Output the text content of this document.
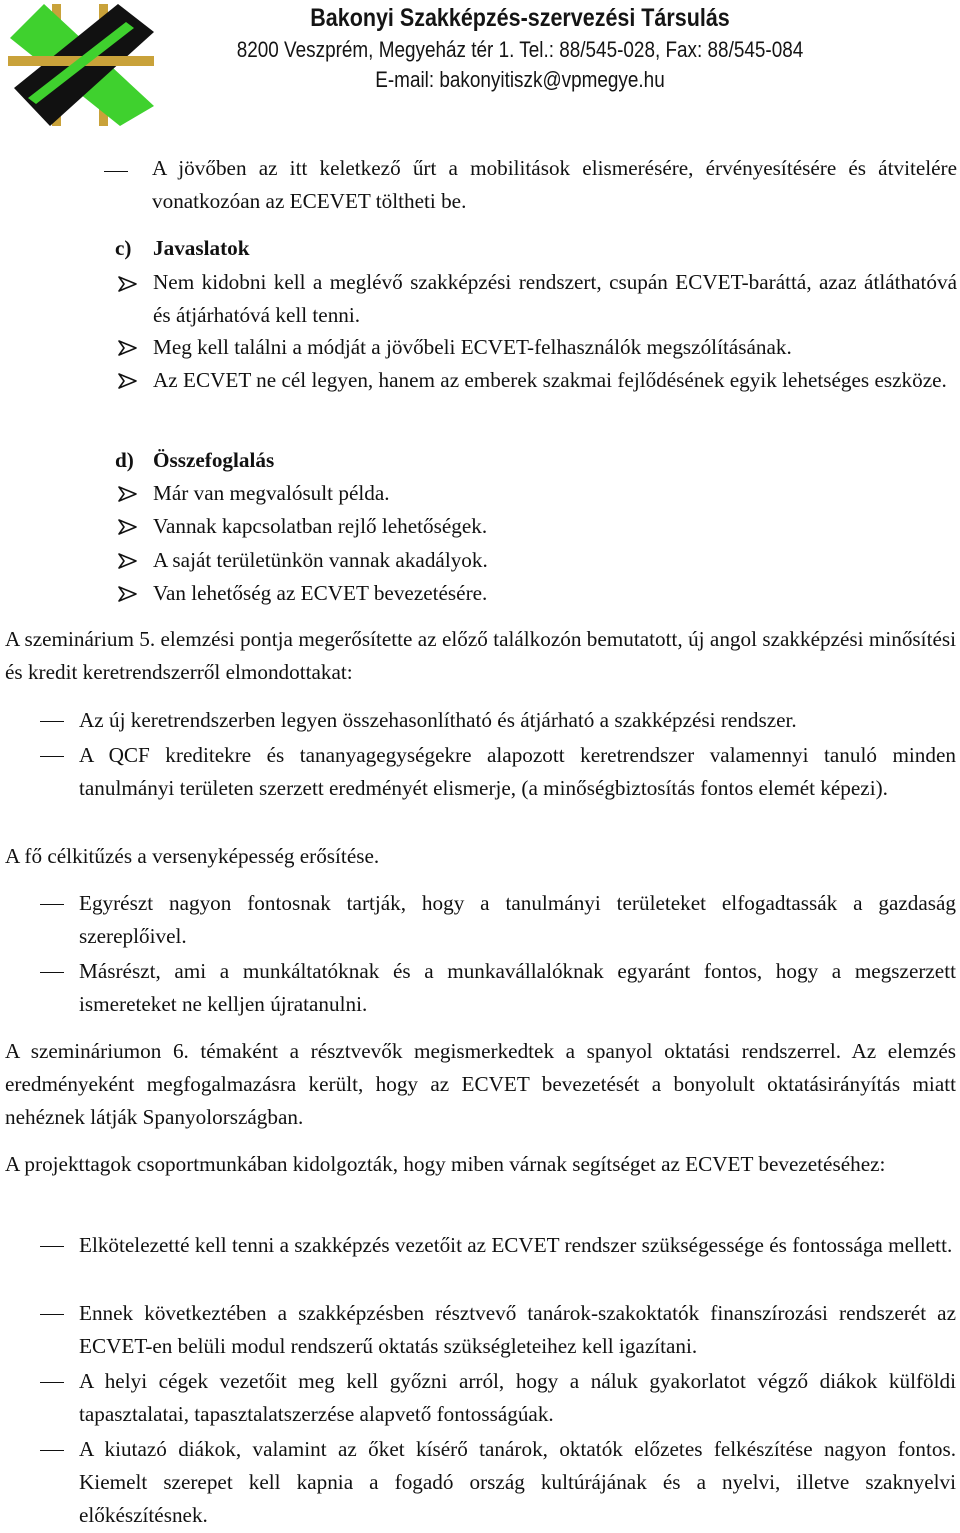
Bakonyi Szakképzés-szervezési Társulás
8200 Veszprém, Megyeház tér 1. Tel.: 88/545-028, Fax: 88/545-084
E-mail: bakonyitiszk@vpmegye.hu
A jövőben az itt keletkező űrt a mobilitások elismerésére, érvényesítésére és átvitelére vonatkozóan az ECEVET töltheti be.
c) Javaslatok
Nem kidobni kell a meglévő szakképzési rendszert, csupán ECVET-baráttá, azaz átláthatóvá és átjárhatóvá kell tenni.
Meg kell találni a módját a jövőbeli ECVET-felhasználók megszólításának.
Az ECVET ne cél legyen, hanem az emberek szakmai fejlődésének egyik lehetséges eszköze.
d) Összefoglalás
Már van megvalósult példa.
Vannak kapcsolatban rejlő lehetőségek.
A saját területünkön vannak akadályok.
Van lehetőség az ECVET bevezetésére.
A szeminárium 5. elemzési pontja megerősítette az előző találkozón bemutatott, új angol szakképzési minősítési és kredit keretrendszerről elmondottakat:
Az új keretrendszerben legyen összehasonlítható és átjárható a szakképzési rendszer.
A QCF kreditekre és tananyagegységekre alapozott keretrendszer valamennyi tanuló minden tanulmányi területen szerzett eredményét elismerje, (a minőségbiztosítás fontos elemét képezi).
A fő célkitűzés a versenyképesség erősítése.
Egyrészt nagyon fontosnak tartják, hogy a tanulmányi területeket elfogadtassák a gazdaság szereplőivel.
Másrészt, ami a munkáltatóknak és a munkavállalóknak egyaránt fontos, hogy a megszerzett ismereteket ne kelljen újratanulni.
A szemináriumon 6. témaként a résztvevők megismerkedtek a spanyol oktatási rendszerrel. Az elemzés eredményeként megfogalmazásra került, hogy az ECVET bevezetését a bonyolult oktatásirányítás miatt nehéznek látják Spanyolországban.
A projekttagok csoportmunkában kidolgozták, hogy miben várnak segítséget az ECVET bevezetéséhez:
Elkötelezetté kell tenni a szakképzés vezetőit az ECVET rendszer szükségessége és fontossága mellett.
Ennek következtében a szakképzésben résztvevő tanárok-szakoktatók finanszírozási rendszerét az ECVET-en belüli modul rendszerű oktatás szükségleteihez kell igazítani.
A helyi cégek vezetőit meg kell győzni arról, hogy a náluk gyakorlatot végző diákok külföldi tapasztalatai, tapasztalatszerzése alapvető fontosságúak.
A kiutazó diákok, valamint az őket kísérő tanárok, oktatók előzetes felkészítése nagyon fontos. Kiemelt szerepet kell kapnia a fogadó ország kultúrájának és a nyelvi, illetve szaknyelvi előkészítésnek.
